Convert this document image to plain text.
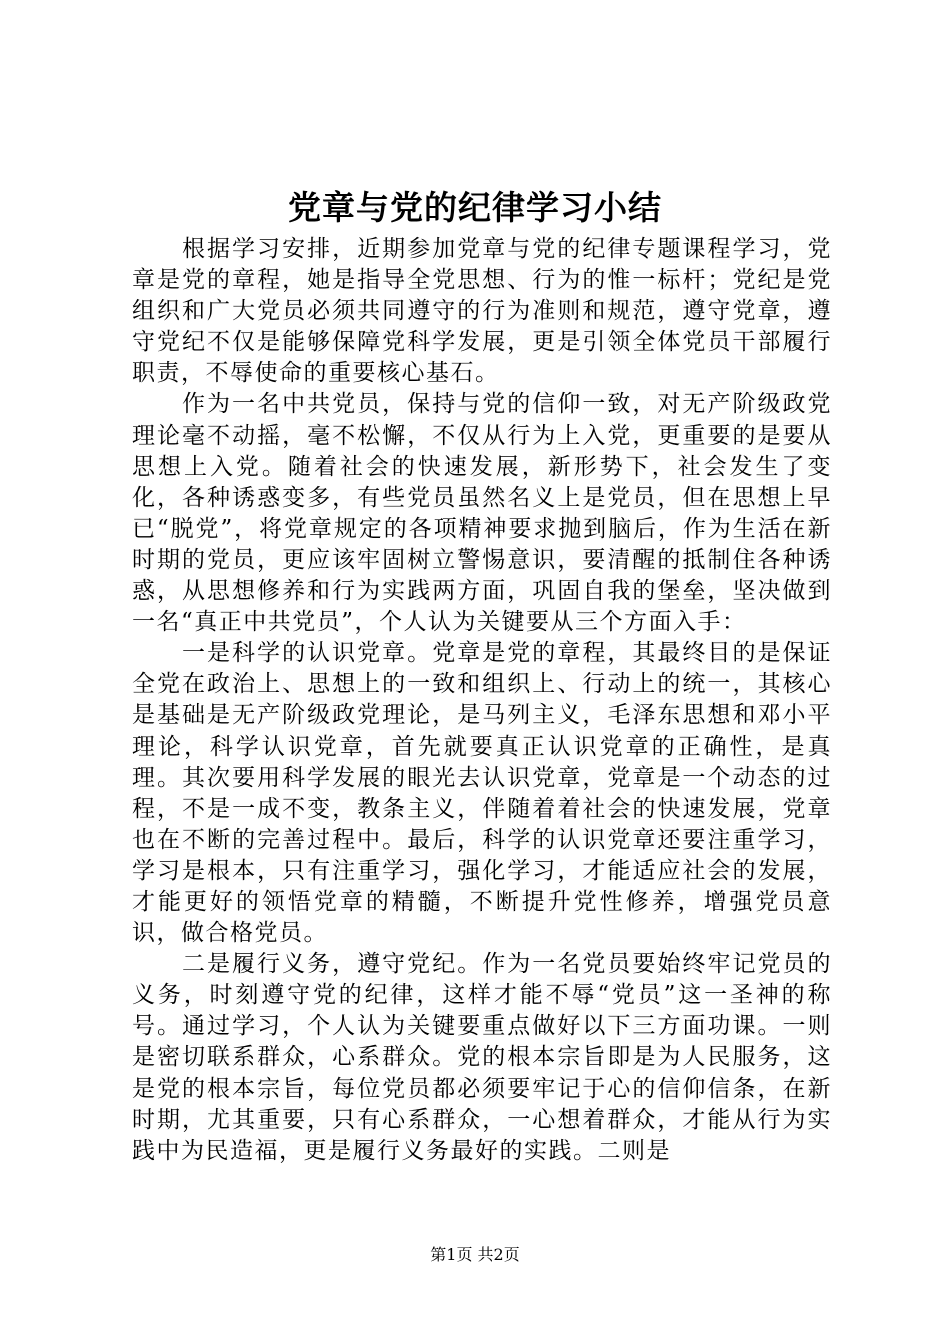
党章与党的纪律学习小结

根据学习安排，近期参加党章与党的纪律专题课程学习，党章是党的章程，她是指导全党思想、行为的惟一标杆；党纪是党组织和广大党员必须共同遵守的行为准则和规范，遵守党章，遵守党纪不仅是能够保障党科学发展，更是引领全体党员干部履行职责，不辱使命的重要核心基石。

作为一名中共党员，保持与党的信仰一致，对无产阶级政党理论毫不动摇，毫不松懈，不仅从行为上入党，更重要的是要从思想上入党。随着社会的快速发展，新形势下，社会发生了变化，各种诱惑变多，有些党员虽然名义上是党员，但在思想上早已“脱党”，将党章规定的各项精神要求抛到脑后，作为生活在新时期的党员，更应该牢固树立警惕意识，要清醒的抵制住各种诱惑，从思想修养和行为实践两方面，巩固自我的堡垒，坚决做到一名“真正中共党员”，个人认为关键要从三个方面入手：

一是科学的认识党章。党章是党的章程，其最终目的是保证全党在政治上、思想上的一致和组织上、行动上的统一，其核心是基础是无产阶级政党理论，是马列主义，毛泽东思想和邓小平理论，科学认识党章，首先就要真正认识党章的正确性，是真理。其次要用科学发展的眼光去认识党章，党章是一个动态的过程，不是一成不变，教条主义，伴随着着社会的快速发展，党章也在不断的完善过程中。最后，科学的认识党章还要注重学习，学习是根本，只有注重学习，强化学习，才能适应社会的发展，才能更好的领悟党章的精髓，不断提升党性修养，增强党员意识，做合格党员。

二是履行义务，遵守党纪。作为一名党员要始终牢记党员的义务，时刻遵守党的纪律，这样才能不辱“党员”这一圣神的称号。通过学习，个人认为关键要重点做好以下三方面功课。一则是密切联系群众，心系群众。党的根本宗旨即是为人民服务，这是党的根本宗旨，每位党员都必须要牢记于心的信仰信条，在新时期，尤其重要，只有心系群众，一心想着群众，才能从行为实践中为民造福，更是履行义务最好的实践。二则是

第1页 共2页
